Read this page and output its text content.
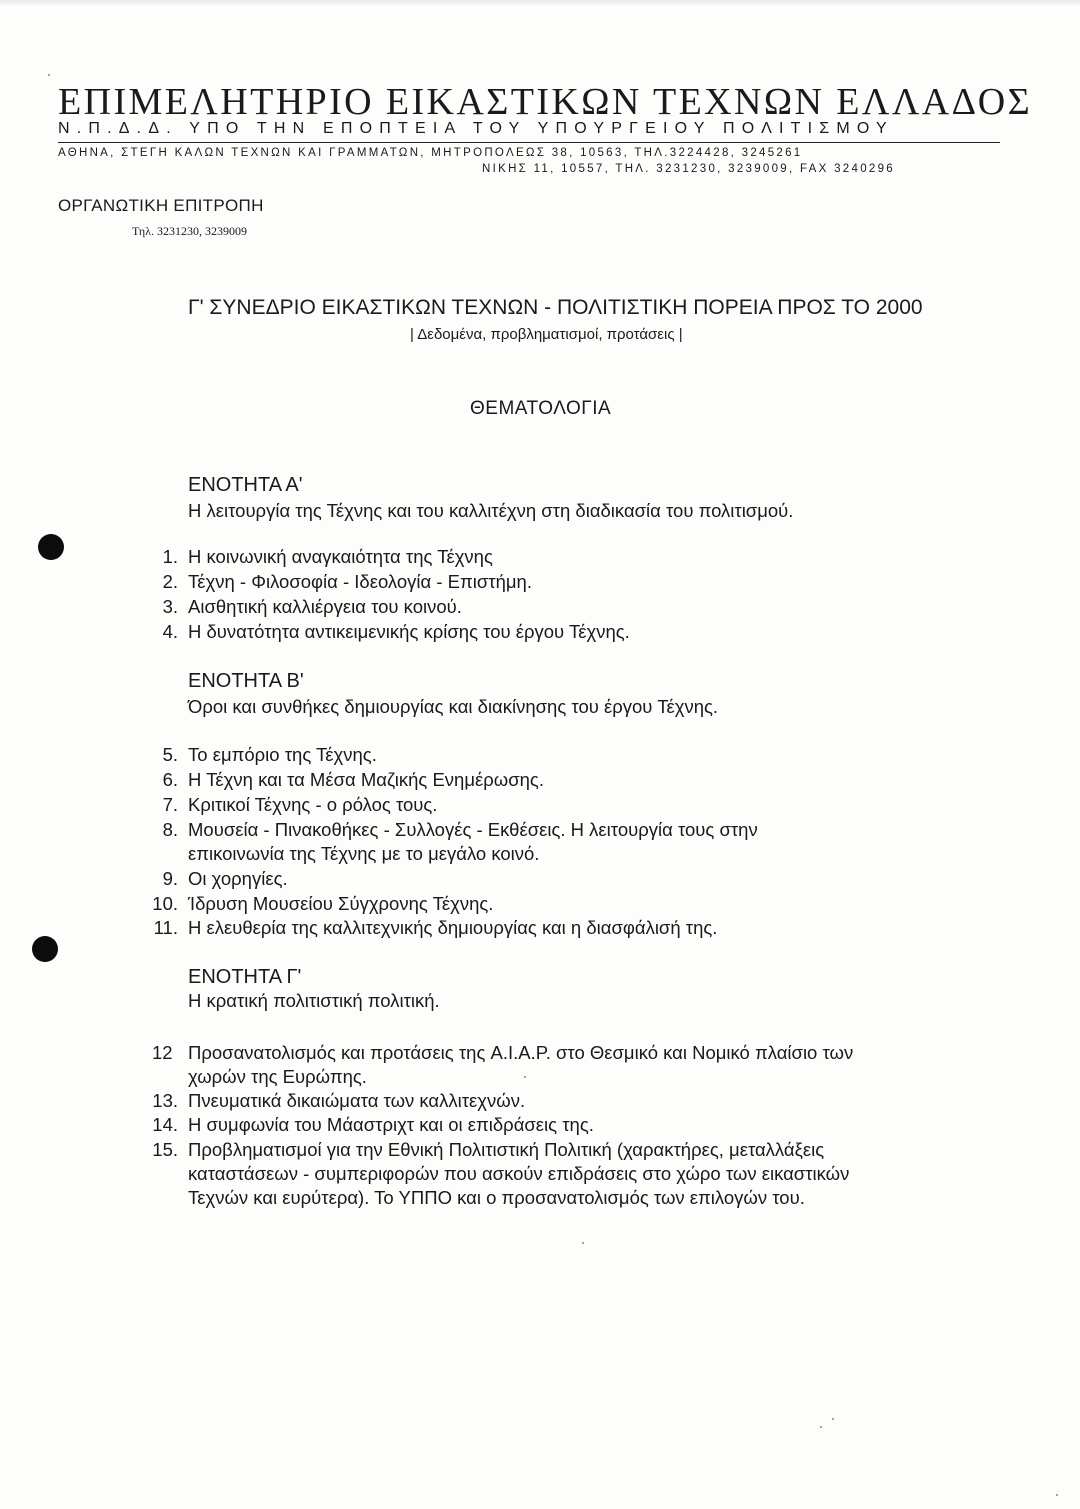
ΕΠΙΜΕΛΗΤΗΡΙΟ ΕΙΚΑΣΤΙΚΩΝ ΤΕΧΝΩΝ ΕΛΛΑΔΟΣ
Ν.Π.Δ.Δ. ΥΠΟ ΤΗΝ ΕΠΟΠΤΕΙΑ ΤΟΥ ΥΠΟΥΡΓΕΙΟΥ ΠΟΛΙΤΙΣΜΟΥ
ΑΘΗΝΑ, ΣΤΕΓΗ ΚΑΛΩΝ ΤΕΧΝΩΝ ΚΑΙ ΓΡΑΜΜΑΤΩΝ, ΜΗΤΡΟΠΟΛΕΩΣ 38, 10563, ΤΗΛ.3224428, 3245261
ΝΙΚΗΣ 11, 10557, ΤΗΛ. 3231230, 3239009, FAX 3240296
ΟΡΓΑΝΩΤΙΚΗ ΕΠΙΤΡΟΠΗ
Τηλ. 3231230, 3239009
Γ' ΣΥΝΕΔΡΙΟ ΕΙΚΑΣΤΙΚΩΝ ΤΕΧΝΩΝ - ΠΟΛΙΤΙΣΤΙΚΗ ΠΟΡΕΙΑ ΠΡΟΣ ΤΟ 2000
| Δεδομένα, προβληματισμοί, προτάσεις |
ΘΕΜΑΤΟΛΟΓΙΑ
ΕΝΟΤΗΤΑ Α'
Η λειτουργία της Τέχνης και του καλλιτέχνη στη διαδικασία του πολιτισμού.
1. Η κοινωνική αναγκαιότητα της Τέχνης
2. Τέχνη - Φιλοσοφία - Ιδεολογία - Επιστήμη.
3. Αισθητική καλλιέργεια του κοινού.
4. Η δυνατότητα αντικειμενικής κρίσης του έργου Τέχνης.
ΕΝΟΤΗΤΑ Β'
Όροι και συνθήκες δημιουργίας και διακίνησης του έργου Τέχνης.
5. Το εμπόριο της Τέχνης.
6. Η Τέχνη και τα Μέσα Μαζικής Ενημέρωσης.
7. Κριτικοί Τέχνης - ο ρόλος τους.
8. Μουσεία - Πινακοθήκες - Συλλογές - Εκθέσεις. Η λειτουργία τους στην
επικοινωνία της Τέχνης με το μεγάλο κοινό.
9. Οι χορηγίες.
10. Ίδρυση Μουσείου Σύγχρονης Τέχνης.
11. Η ελευθερία της καλλιτεχνικής δημιουργίας και η διασφάλισή της.
ΕΝΟΤΗΤΑ Γ'
Η κρατική πολιτιστική πολιτική.
12 Προσανατολισμός και προτάσεις της A.I.A.P. στο Θεσμικό και Νομικό πλαίσιο των
χωρών της Ευρώπης.
13. Πνευματικά δικαιώματα των καλλιτεχνών.
14. Η συμφωνία του Μάαστριχτ και οι επιδράσεις της.
15. Προβληματισμοί για την Εθνική Πολιτιστική Πολιτική (χαρακτήρες, μεταλλάξεις
καταστάσεων - συμπεριφορών που ασκούν επιδράσεις στο χώρο των εικαστικών
Τεχνών και ευρύτερα). Το ΥΠΠΟ και ο προσανατολισμός των επιλογών του.
